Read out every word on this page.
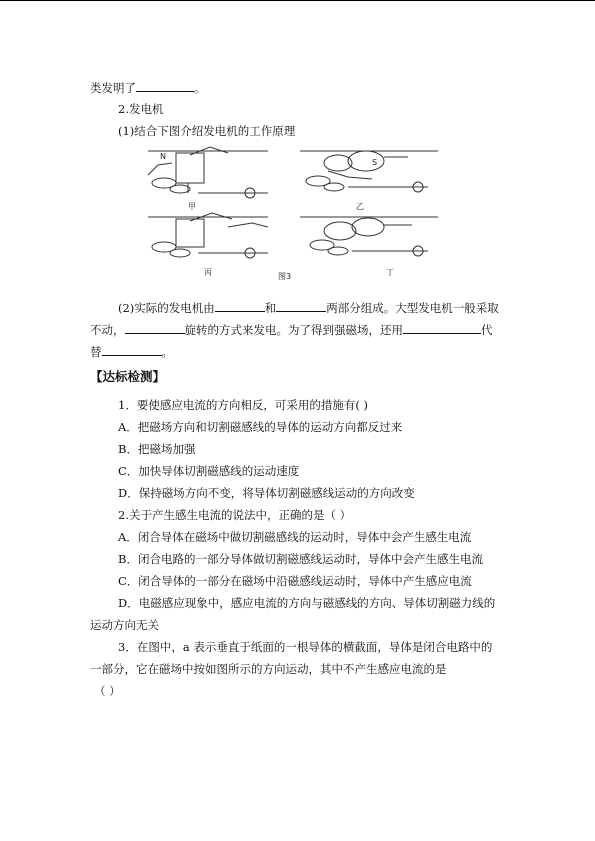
类发明了	。
2.发电机
(1)结合下图介绍发电机的工作原理
N
S
甲	乙
丙	丁
图3
(2)实际的发电机由	和	两部分组成。大型发电机一般采取
不动，	旋转的方式来发电。为了得到强磁场，还用	代
替	。
【达标检测】
1．要使感应电流的方向相反，可采用的措施有( )
A．把磁场方向和切割磁感线的导体的运动方向都反过来
B．把磁场加强
C．加快导体切割磁感线的运动速度
D．保持磁场方向不变，将导体切割磁感线运动的方向改变
2.关于产生感生电流的说法中，正确的是（ ）
A．闭合导体在磁场中做切割磁感线的运动时，导体中会产生感生电流
B．闭合电路的一部分导体做切割磁感线运动时，导体中会产生感生电流
C．闭合导体的一部分在磁场中沿磁感线运动时，导体中产生感应电流
D．电磁感应现象中，感应电流的方向与磁感线的方向、导体切割磁力线的
运动方向无关
3．在图中，a 表示垂直于纸面的一根导体的横截面，导体是闭合电路中的
一部分，它在磁场中按如图所示的方向运动，其中不产生感应电流的是
（ ）
